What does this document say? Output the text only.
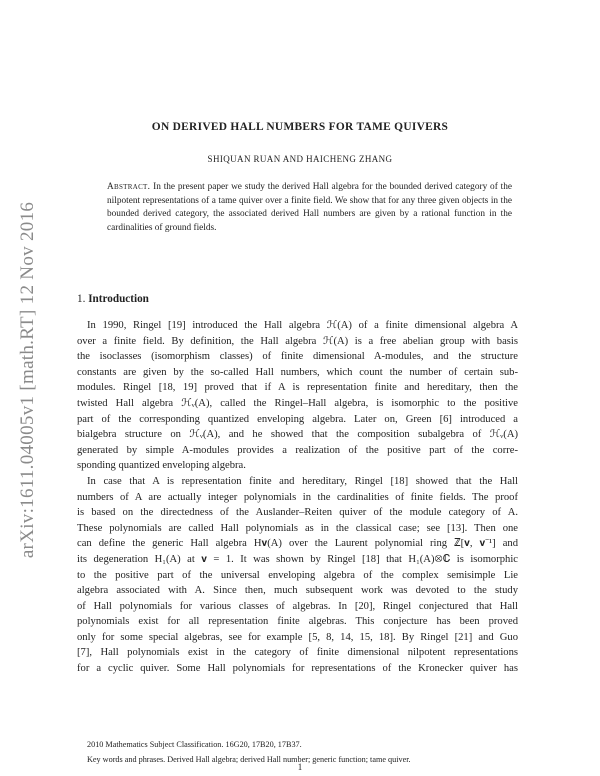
arXiv:1611.04005v1 [math.RT] 12 Nov 2016
ON DERIVED HALL NUMBERS FOR TAME QUIVERS
SHIQUAN RUAN AND HAICHENG ZHANG
Abstract. In the present paper we study the derived Hall algebra for the bounded derived category of the nilpotent representations of a tame quiver over a finite field. We show that for any three given objects in the bounded derived category, the associated derived Hall numbers are given by a rational function in the cardinalities of ground fields.
1. Introduction
In 1990, Ringel [19] introduced the Hall algebra ℋ(A) of a finite dimensional algebra A
over a finite field. By definition, the Hall algebra ℋ(A) is a free abelian group with basis
the isoclasses (isomorphism classes) of finite dimensional A-modules, and the structure
constants are given by the so-called Hall numbers, which count the number of certain sub-
modules. Ringel [18, 19] proved that if A is representation finite and hereditary, then the
twisted Hall algebra ℋᵥ(A), called the Ringel–Hall algebra, is isomorphic to the positive
part of the corresponding quantized enveloping algebra. Later on, Green [6] introduced a
bialgebra structure on ℋᵥ(A), and he showed that the composition subalgebra of ℋᵥ(A)
generated by simple A-modules provides a realization of the positive part of the corre-
sponding quantized enveloping algebra.
In case that A is representation finite and hereditary, Ringel [18] showed that the Hall
numbers of A are actually integer polynomials in the cardinalities of finite fields. The proof
is based on the directedness of the Auslander–Reiten quiver of the module category of A.
These polynomials are called Hall polynomials as in the classical case; see [13]. Then one
can define the generic Hall algebra H𝐯(A) over the Laurent polynomial ring ℤ[𝐯, 𝐯⁻¹] and
its degeneration H₁(A) at 𝐯 = 1. It was shown by Ringel [18] that H₁(A)⊗ℂ is isomorphic
to the positive part of the universal enveloping algebra of the complex semisimple Lie
algebra associated with A. Since then, much subsequent work was devoted to the study
of Hall polynomials for various classes of algebras. In [20], Ringel conjectured that Hall
polynomials exist for all representation finite algebras. This conjecture has been proved
only for some special algebras, see for example [5, 8, 14, 15, 18]. By Ringel [21] and Guo
[7], Hall polynomials exist in the category of finite dimensional nilpotent representations
for a cyclic quiver. Some Hall polynomials for representations of the Kronecker quiver has
2010 Mathematics Subject Classification. 16G20, 17B20, 17B37.
Key words and phrases. Derived Hall algebra; derived Hall number; generic function; tame quiver.
1
